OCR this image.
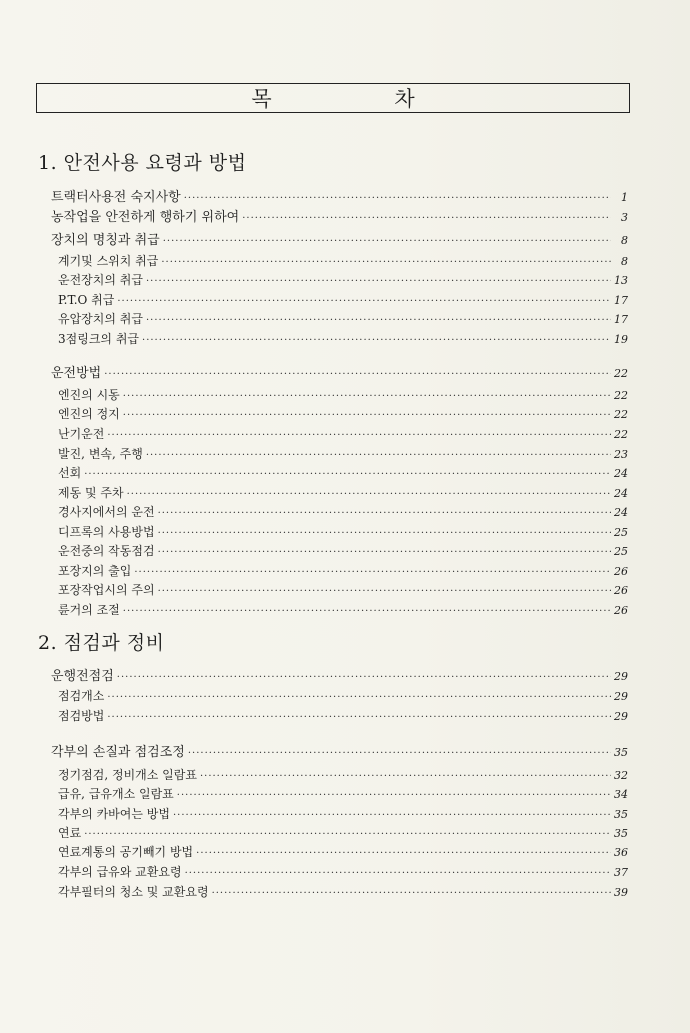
목 차
1. 안전사용 요령과 방법
트랙터사용전 숙지사항 ·····	1
농작업을 안전하게 행하기 위하여 ·····	3
장치의 명칭과 취급 ·····	8
계기및 스위치 취급 ·····	8
운전장치의 취급 ·····	13
P.T.O 취급 ·····	17
유압장치의 취급 ·····	17
3점링크의 취급 ·····	19
운전방법 ·····	22
엔진의 시동 ·····	22
엔진의 정지 ·····	22
난기운전 ·····	22
발진, 변속, 주행 ·····	23
선회 ·····	24
제동 및 주차 ·····	24
경사지에서의 운전 ·····	24
디프록의 사용방법 ·····	25
운전중의 작동점검 ·····	25
포장지의 출입 ·····	26
포장작업시의 주의 ·····	26
륜거의 조절 ·····	26
2. 점검과 정비
운행전점검 ·····	29
점검개소 ·····	29
점검방법 ·····	29
각부의 손질과 점검조정 ·····	35
정기점검, 정비개소 일람표 ·····	32
급유, 급유개소 일람표 ·····	34
각부의 카바여는 방법 ·····	35
연료 ·····	35
연료계통의 공기빼기 방법 ·····	36
각부의 급유와 교환요령 ·····	37
각부필터의 청소 및 교환요령 ·····	39
